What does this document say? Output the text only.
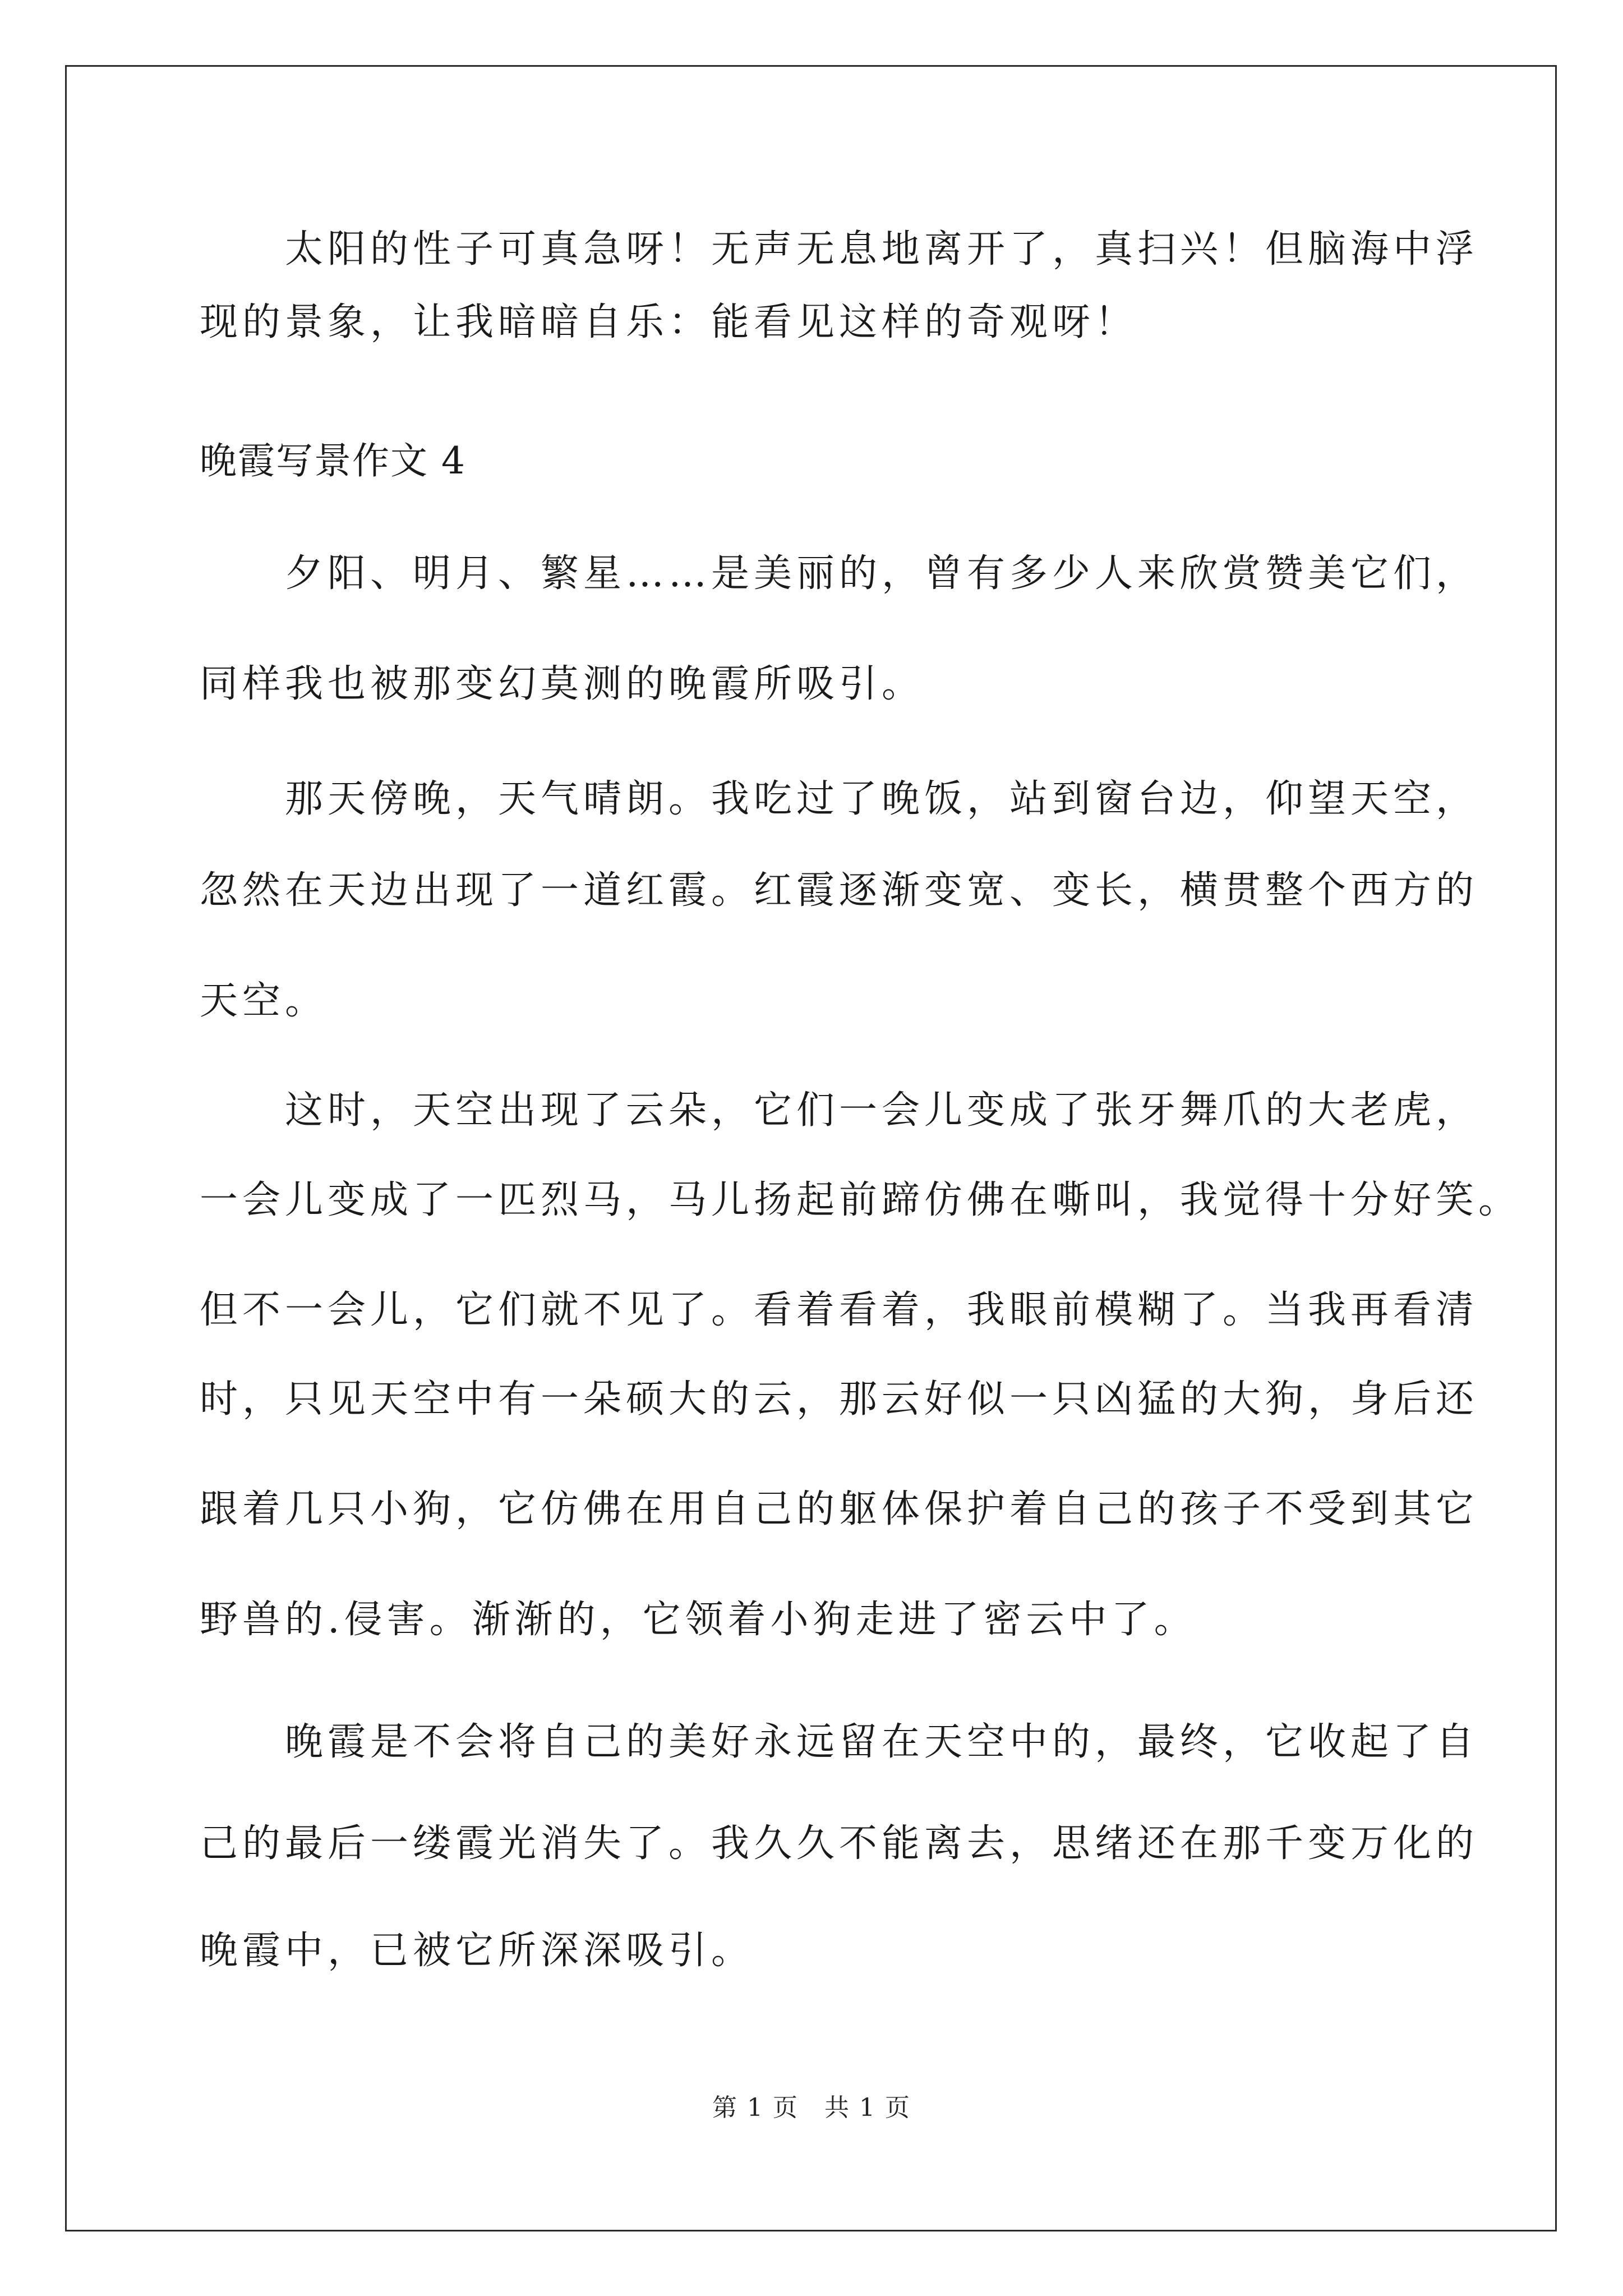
　　太阳的性子可真急呀！无声无息地离开了，真扫兴！但脑海中浮
现的景象，让我暗暗自乐：能看见这样的奇观呀！
晚霞写景作文 4
　　夕阳、明月、繁星……是美丽的，曾有多少人来欣赏赞美它们，
同样我也被那变幻莫测的晚霞所吸引。
　　那天傍晚，天气晴朗。我吃过了晚饭，站到窗台边，仰望天空，
忽然在天边出现了一道红霞。红霞逐渐变宽、变长，横贯整个西方的
天空。
　　这时，天空出现了云朵，它们一会儿变成了张牙舞爪的大老虎，
一会儿变成了一匹烈马，马儿扬起前蹄仿佛在嘶叫，我觉得十分好笑。
但不一会儿，它们就不见了。看着看着，我眼前模糊了。当我再看清
时，只见天空中有一朵硕大的云，那云好似一只凶猛的大狗，身后还
跟着几只小狗，它仿佛在用自己的躯体保护着自己的孩子不受到其它
野兽的.侵害。渐渐的，它领着小狗走进了密云中了。
　　晚霞是不会将自己的美好永远留在天空中的，最终，它收起了自
己的最后一缕霞光消失了。我久久不能离去，思绪还在那千变万化的
晚霞中，已被它所深深吸引。
第 1 页　共 1 页
